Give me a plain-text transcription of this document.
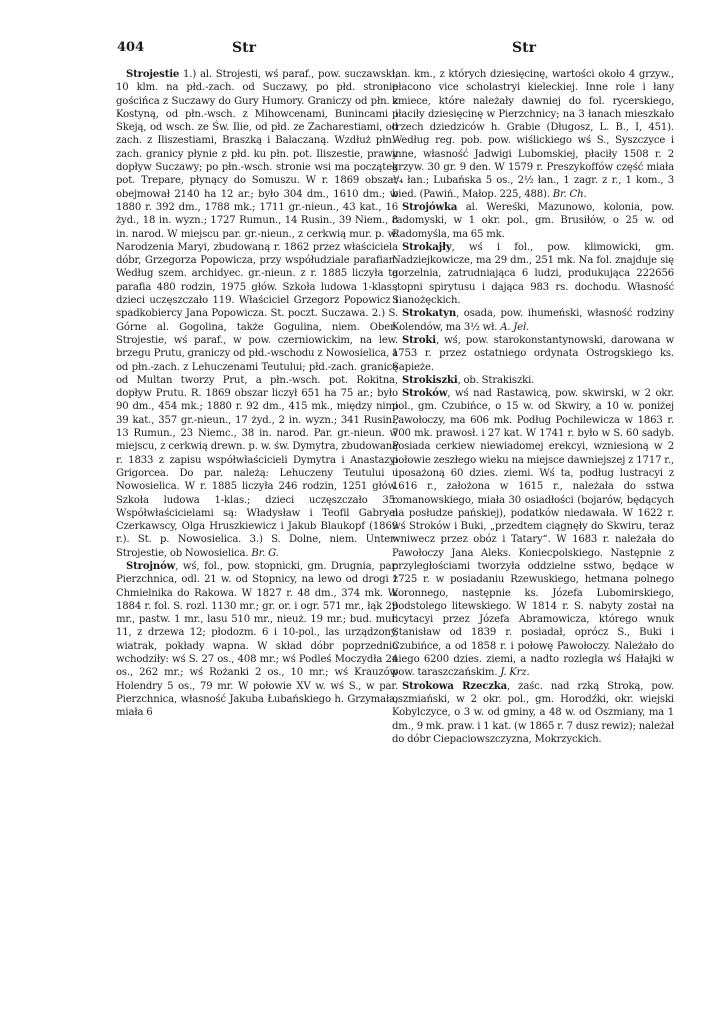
404	Str	Str

Strojestie 1.) al. Strojesti, wś paraf., pow. suczawski, 10 klm. na płd.-zach. od Suczawy, po płd. stronie gościńca z Suczawy do Gury Humory. Graniczy od płn. z Kostyną, od płn.-wsch. z Mihowcenami, Bunincami i Skeją, od wsch. ze Św. Ilie, od płd. ze Zacharestiami, od zach. z Iliszestiami, Braszką i Balaczaną. Wzdłuż płn.-zach. granicy płynie z płd. ku płn. pot. Iliszestie, prawy dopływ Suczawy; po płn.-wsch. stronie wsi ma początek pot. Trepare, płynący do Somuszu. W r. 1869 obszar obejmował 2140 ha 12 ar.; było 304 dm., 1610 dm.; w 1880 r. 392 dm., 1788 mk.; 1711 gr.-nieun., 43 kat., 16 żyd., 18 in. wyzn.; 1727 Rumun., 14 Rusin., 39 Niem., 8 in. narod. W miejscu par. gr.-nieun., z cerkwią mur. p. w. Narodzenia Maryi, zbudowaną r. 1862 przez właściciela dóbr, Grzegorza Popowicza, przy współudziale parafian. Według szem. archidyec. gr.-nieun. z r. 1885 liczyła ta parafia 480 rodzin, 1975 głów. Szkoła ludowa 1-klas.; dzieci uczęszczało 119. Właściciel Grzegorz Popowicz i spadkobiercy Jana Popowicza. St. poczt. Suczawa. 2.) S. Górne al. Gogolina, także Gogulina, niem. Ober-Strojestie, wś paraf., w pow. czerniowickim, na lew. brzegu Prutu, graniczy od płd.-wschodu z Nowosielica, a od płn.-zach. z Lehuczenami Teutului; płd.-zach. granicę od Multan tworzy Prut, a płn.-wsch. pot. Rokitna, dopływ Prutu. R. 1869 obszar liczył 651 ha 75 ar.; było 90 dm., 454 mk.; 1880 r. 92 dm., 415 mk., między nimi 39 kat., 357 gr.-nieun., 17 żyd., 2 in. wyzn.; 341 Rusin., 13 Rumun., 23 Niemc., 38 in. narod. Par. gr.-nieun. w miejscu, z cerkwią drewn. p. w. św. Dymytra, zbudowaną r. 1833 z zapisu współwłaścicieli Dymytra i Anastazyi Grigorcea. Do par. należą: Lehuczeny Teutului i Nowosielica. W r. 1885 liczyła 246 rodzin, 1251 głów. Szkoła ludowa 1-klas.; dzieci uczęszczało 35. Współwłaścicielami są: Władysław i Teofil Gabryel Czerkawscy, Olga Hruszkiewicz i Jakub Blaukopf (1869 r.). St. p. Nowosielica. 3.) S. Dolne, niem. Unter-Strojestie, ob Nowosielica. Br. G.

Strojnów, wś, fol., pow. stopnicki, gm. Drugnia, par. Pierzchnica, odl. 21 w. od Stopnicy, na lewo od drogi z Chmielnika do Rakowa. W 1827 r. 48 dm., 374 mk. W 1884 r. fol. S. rozl. 1130 mr.; gr. or. i ogr. 571 mr., łąk 29 mr., pastw. 1 mr., lasu 510 mr., nieuż. 19 mr.; bud. mur. 11, z drzewa 12; płodozm. 6 i 10-pol., las urządzony, wiatrak, pokłady wapna. W skład dóbr poprzednio wchodziły: wś S. 27 os., 408 mr.; wś Podleś Moczydła 24 os., 262 mr.; wś Rożanki 2 os., 10 mr.; wś Krauzów Holendry 5 os., 79 mr. W połowie XV w. wś S., w par. Pierzchnica, własność Jakuba Łubańskiego h. Grzymała, miała 6

łan. km., z których dziesięcinę, wartości około 4 grzyw., płacono vice scholastryi kieleckiej. Inne role i łany kmiece, które należały dawniej do fol. rycerskiego, płaciły dziesięcinę w Pierzchnicy; na 3 łanach mieszkało trzech dziedziców h. Grabie (Długosz, L. B., I, 451). Według reg. pob. pow. wiślickiego wś S., Syszczyce i inne, własność Jadwigi Lubomskiej, płaciły 1508 r. 2 grzyw. 30 gr. 9 den. W 1579 r. Preszykoffów część miała ³/₄ łan.; Lubańska 5 os., 2½ łan., 1 zagr. z r., 1 kom., 3 bied. (Pawiń., Małop. 225, 488). Br. Ch.

Strojówka al. Wereśki, Mazunowo, kolonia, pow. radomyski, w 1 okr. pol., gm. Brusiłów, o 25 w. od Radomyśla, ma 65 mk.

Strokajły, wś i fol., pow. klimowicki, gm. Nadziejkowicze, ma 29 dm., 251 mk. Na fol. znajduje się gorzelnia, zatrudniająca 6 ludzi, produkująca 222656 stopni spirytusu i dająca 983 rs. dochodu. Własność Sianożęckich.

Strokatyn, osada, pow. ihumeński, własność rodziny Kolendów, ma 3½ wł. A. Jel.

Stroki, wś, pow. starokonstantynowski, darowana w 1753 r. przez ostatniego ordynata Ostrogskiego ks. Sapieże.

Strokiszki, ob. Strakiszki.

Stroków, wś nad Rastawicą, pow. skwirski, w 2 okr. pol., gm. Czubińce, o 15 w. od Skwiry, a 10 w. poniżej Pawołoczy, ma 606 mk. Podług Pochilewicza w 1863 r. 700 mk. prawosł. i 27 kat. W 1741 r. było w S. 60 sadyb. Posiada cerkiew niewiadomej erekcyi, wzniesioną w 2 połowie zeszłego wieku na miejsce dawniejszej z 1717 r., uposażoną 60 dzies. ziemi. Wś ta, podług lustracyi z 1616 r., założona w 1615 r., należała do sstwa romanowskiego, miała 30 osiadłości (bojarów, będących na posłudze pańskiej), podatków niedawała. W 1622 r. wś Stroków i Buki, „przedtem ciągnęły do Skwiru, teraz wniwecz przez obóz i Tatary“. W 1683 r. należała do Pawołoczy Jana Aleks. Koniecpolskiego. Następnie z przyległościami tworzyła oddzielne sstwo, będące w 1725 r. w posiadaniu Rzewuskiego, hetmana polnego koronnego, następnie ks. Józefa Lubomirskiego, podstolego litewskiego. W 1814 r. S. nabyty został na licytacyi przez Józefa Abramowicza, którego wnuk Stanisław od 1839 r. posiadał, oprócz S., Buki i Czubińce, a od 1858 r. i połowę Pawołoczy. Należało do niego 6200 dzies. ziemi, a nadto rozlegla wś Hałajki w pow. taraszczańskim. J. Krz.

Strokowa Rzeczka, zaśc. nad rzką Stroką, pow. oszmiański, w 2 okr. pol., gm. Horodźki, okr. wiejski Kobylczyce, o 3 w. od gminy, a 48 w. od Oszmiany, ma 1 dm., 9 mk. praw. i 1 kat. (w 1865 r. 7 dusz rewiz); należał do dóbr Ciepaciowszczyzna, Mokrzyckich.
